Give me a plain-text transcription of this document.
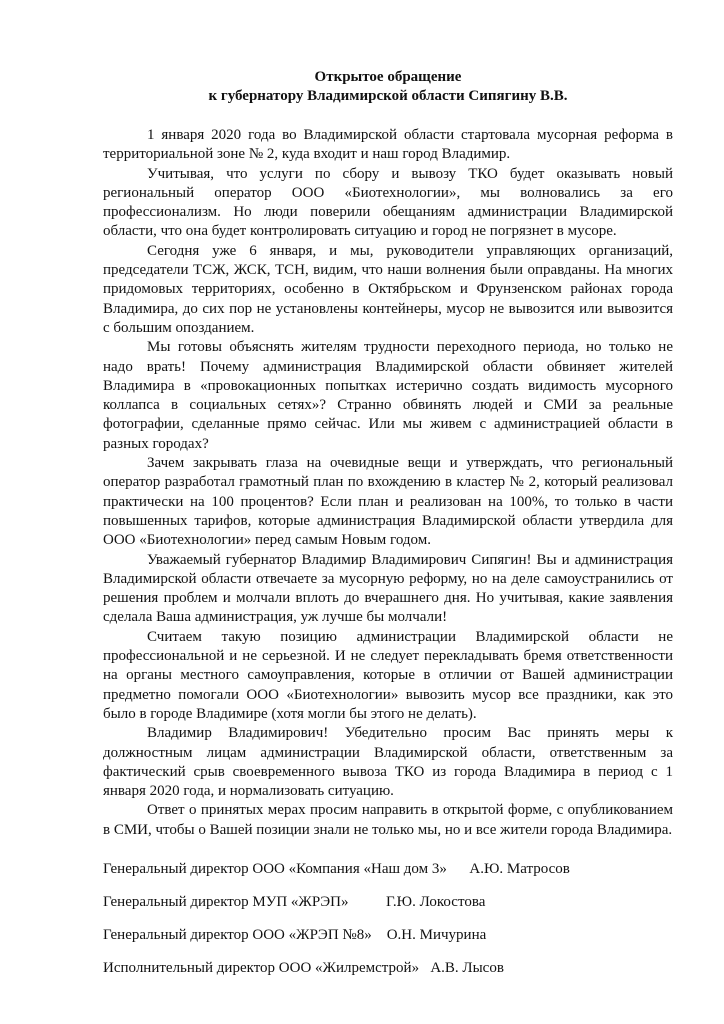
Открытое обращение

к губернатору Владимирской области Сипягину В.В.

1 января 2020 года во Владимирской области стартовала мусорная реформа в территориальной зоне № 2, куда входит и наш город Владимир.

Учитывая, что услуги по сбору и вывозу ТКО будет оказывать новый региональный оператор ООО «Биотехнологии», мы волновались за его профессионализм. Но люди поверили обещаниям администрации Владимирской области, что она будет контролировать ситуацию и город не погрязнет в мусоре.

Сегодня уже 6 января, и мы, руководители управляющих организаций, председатели ТСЖ, ЖСК, ТСН, видим, что наши волнения были оправданы. На многих придомовых территориях, особенно в Октябрьском и Фрунзенском районах города Владимира, до сих пор не установлены контейнеры, мусор не вывозится или вывозится с большим опозданием.

Мы готовы объяснять жителям трудности переходного периода, но только не надо врать! Почему администрация Владимирской области обвиняет жителей Владимира в «провокационных попытках истерично создать видимость мусорного коллапса в социальных сетях»? Странно обвинять людей и СМИ за реальные фотографии, сделанные прямо сейчас. Или мы живем с администрацией области в разных городах?

Зачем закрывать глаза на очевидные вещи и утверждать, что региональный оператор разработал грамотный план по вхождению в кластер № 2, который реализовал практически на 100 процентов? Если план и реализован на 100%, то только в части повышенных тарифов, которые администрация Владимирской области утвердила для ООО «Биотехнологии» перед самым Новым годом.

Уважаемый губернатор Владимир Владимирович Сипягин! Вы и администрация Владимирской области отвечаете за мусорную реформу, но на деле самоустранились от решения проблем и молчали вплоть до вчерашнего дня. Но учитывая, какие заявления сделала Ваша администрация, уж лучше бы молчали!

Считаем такую позицию администрации Владимирской области не профессиональной и не серьезной. И не следует перекладывать бремя ответственности на органы местного самоуправления, которые в отличии от Вашей администрации предметно помогали ООО «Биотехнологии» вывозить мусор все праздники, как это было в городе Владимире (хотя могли бы этого не делать).

Владимир Владимирович! Убедительно просим Вас принять меры к должностным лицам администрации Владимирской области, ответственным за фактический срыв своевременного вывоза ТКО из города Владимира в период с 1 января 2020 года, и нормализовать ситуацию.

Ответ о принятых мерах просим направить в открытой форме, с опубликованием в СМИ, чтобы о Вашей позиции знали не только мы, но и все жители города Владимира.

Генеральный директор ООО «Компания «Наш дом 3» А.Ю. Матросов

Генеральный директор МУП «ЖРЭП»	Г.Ю. Локостова

Генеральный директор ООО «ЖРЭП №8» О.Н. Мичурина

Исполнительный директор ООО «Жилремстрой» А.В. Лысов
